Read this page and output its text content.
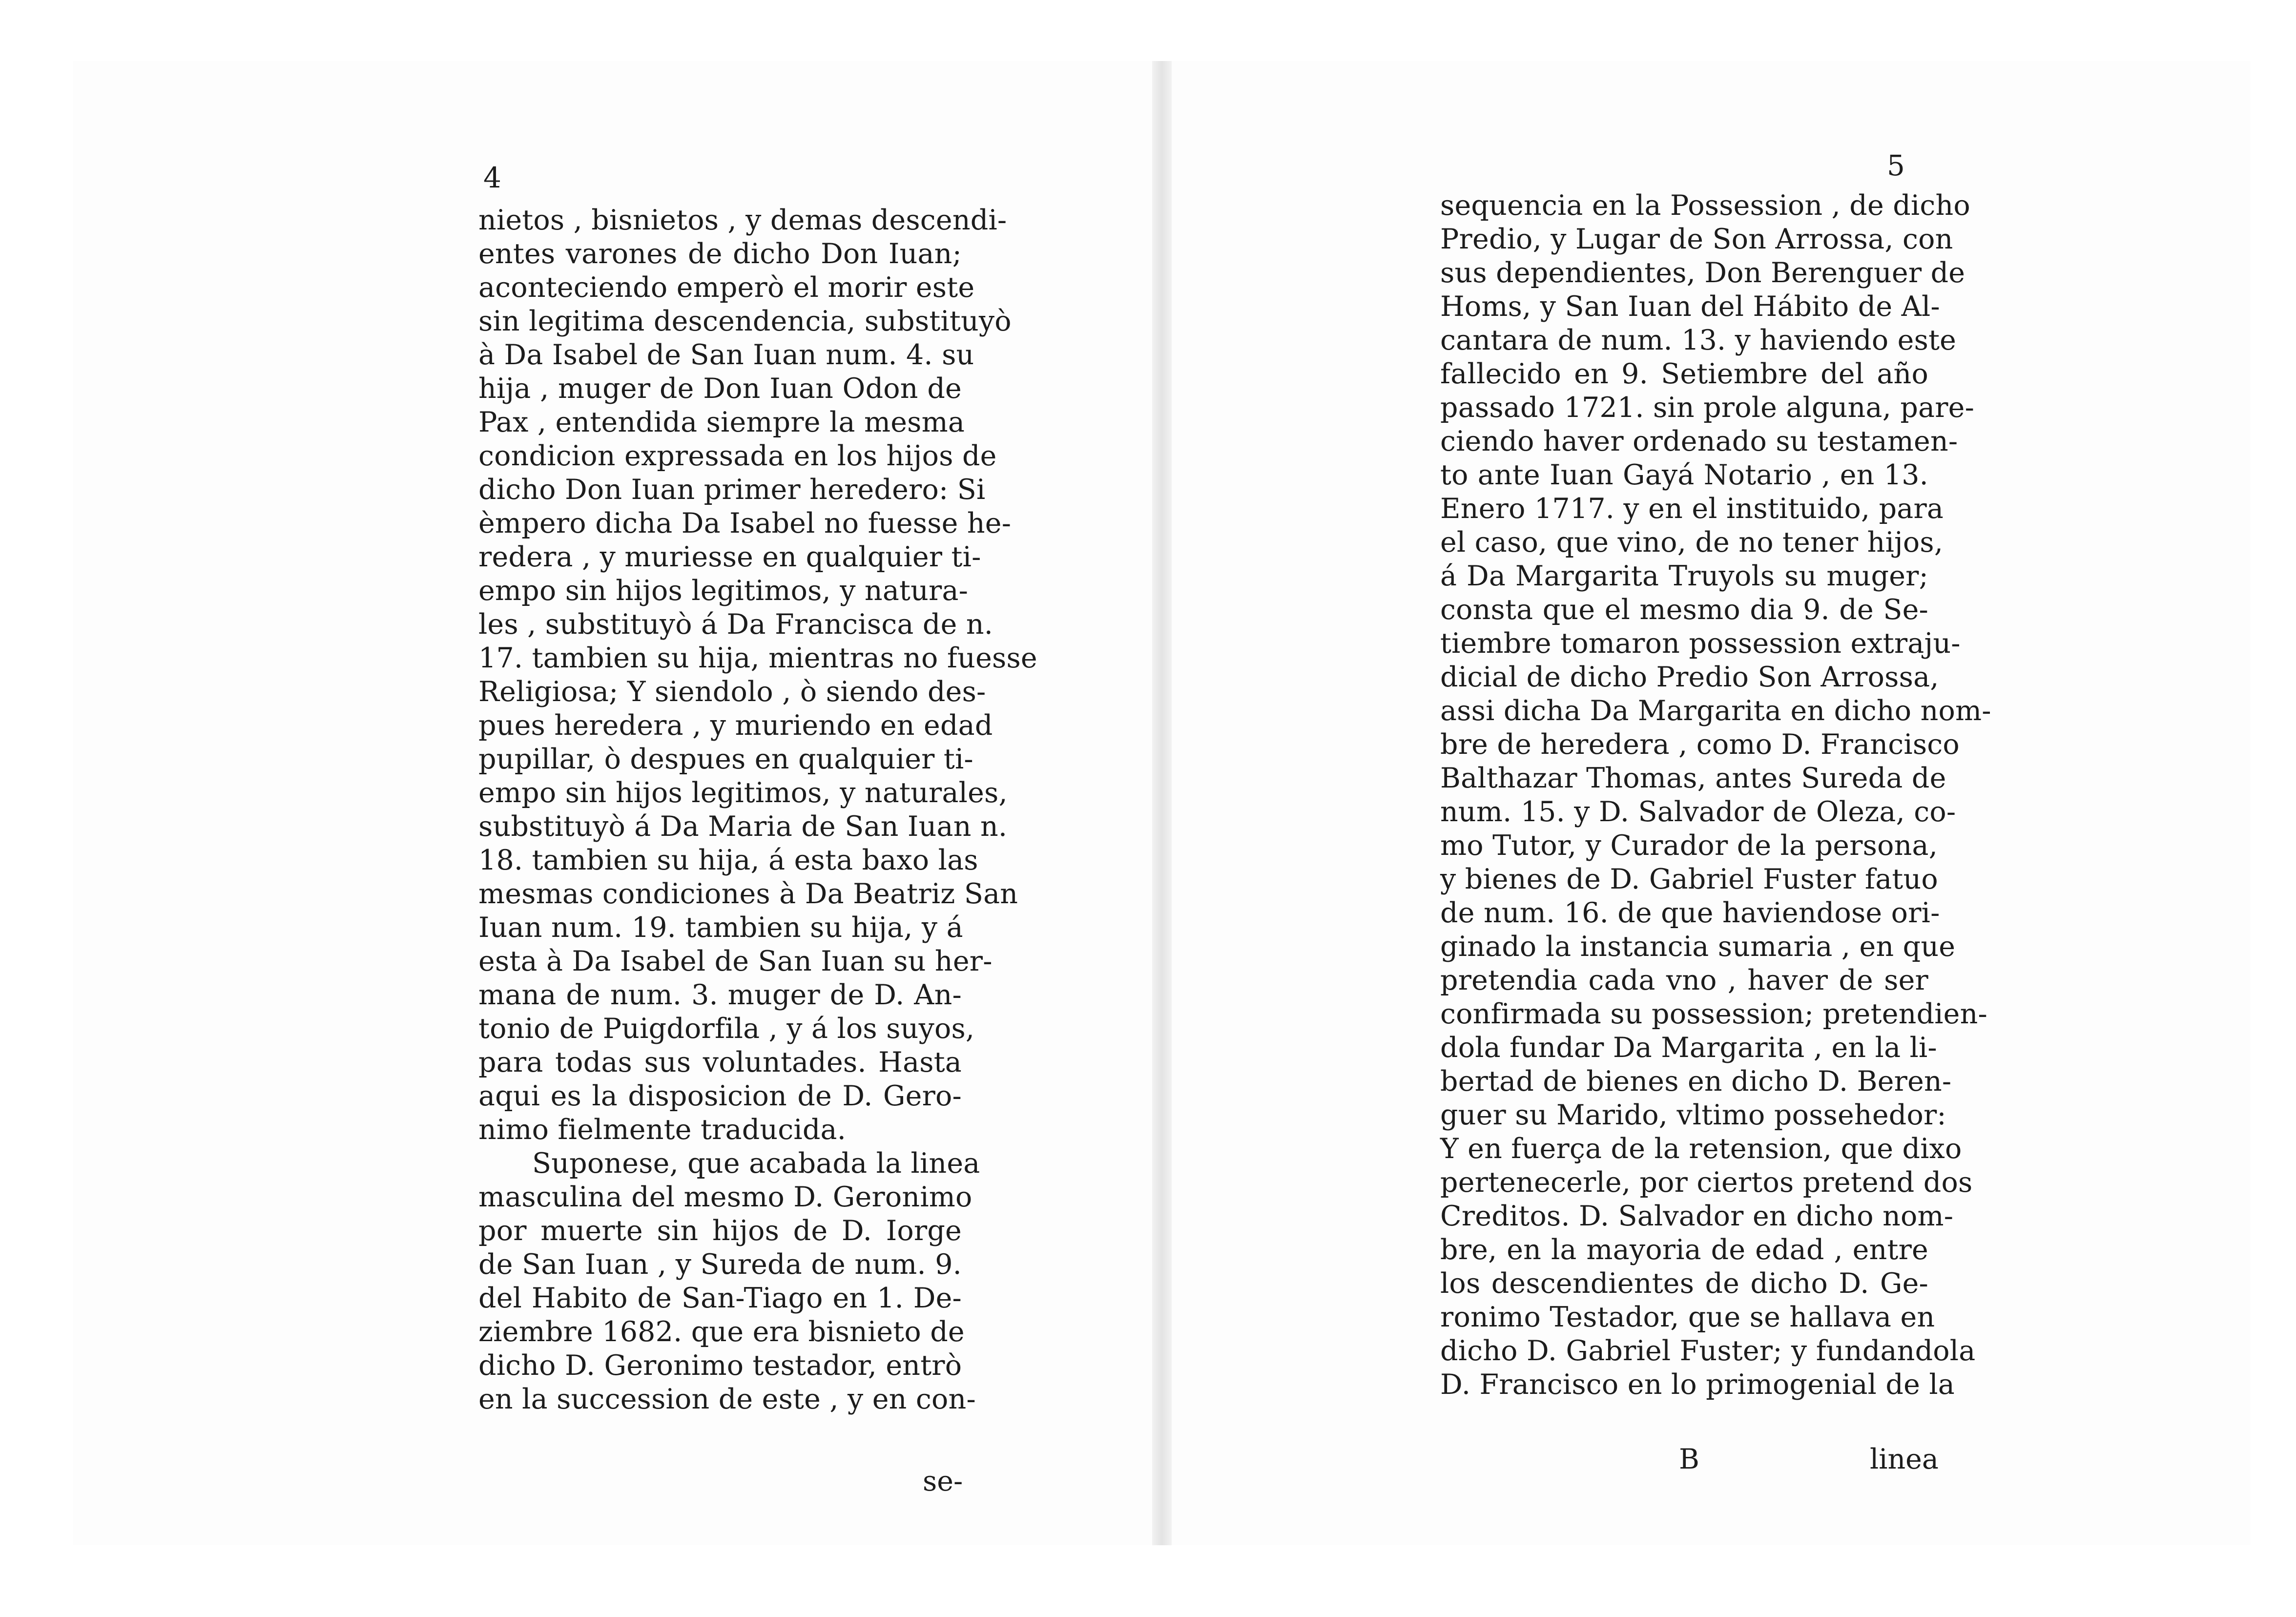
4
nietos , bisnietos , y demas descendi-
entes varones de dicho Don Iuan;
aconteciendo emperò el morir este
sin legitima descendencia, substituyò
à Da Isabel de San Iuan num. 4. su
hija , muger de Don Iuan Odon de
Pax , entendida siempre la mesma
condicion expressada en los hijos de
dicho Don Iuan primer heredero: Si
èmpero dicha Da Isabel no fuesse he-
redera , y muriesse en qualquier ti-
empo sin hijos legitimos, y natura-
les , substituyò á Da Francisca de n.
17. tambien su hija, mientras no fuesse
Religiosa; Y siendolo , ò siendo des-
pues heredera , y muriendo en edad
pupillar, ò despues en qualquier ti-
empo sin hijos legitimos, y naturales,
substituyò á Da Maria de San Iuan n.
18. tambien su hija, á esta baxo las
mesmas condiciones à Da Beatriz San
Iuan num. 19. tambien su hija, y á
esta à Da Isabel de San Iuan su her-
mana de num. 3. muger de D. An-
tonio de Puigdorfila , y á los suyos,
para todas sus voluntades. Hasta
aqui es la disposicion de D. Gero-
nimo fielmente traducida.
Suponese, que acabada la linea
masculina del mesmo D. Geronimo
por muerte sin hijos de D. Iorge
de San Iuan , y Sureda de num. 9.
del Habito de San-Tiago en 1. De-
ziembre 1682. que era bisnieto de
dicho D. Geronimo testador, entrò
en la succession de este , y en con-
se-
5
sequencia en la Possession , de dicho
Predio, y Lugar de Son Arrossa, con
sus dependientes, Don Berenguer de
Homs, y San Iuan del Hábito de Al-
cantara de num. 13. y haviendo este
fallecido en 9. Setiembre del año
passado 1721. sin prole alguna, pare-
ciendo haver ordenado su testamen-
to ante Iuan Gayá Notario , en 13.
Enero 1717. y en el instituido, para
el caso, que vino, de no tener hijos,
á Da Margarita Truyols su muger;
consta que el mesmo dia 9. de Se-
tiembre tomaron possession extraju-
dicial de dicho Predio Son Arrossa,
assi dicha Da Margarita en dicho nom-
bre de heredera , como D. Francisco
Balthazar Thomas, antes Sureda de
num. 15. y D. Salvador de Oleza, co-
mo Tutor, y Curador de la persona,
y bienes de D. Gabriel Fuster fatuo
de num. 16. de que haviendose ori-
ginado la instancia sumaria , en que
pretendia cada vno , haver de ser
confirmada su possession; pretendien-
dola fundar Da Margarita , en la li-
bertad de bienes en dicho D. Beren-
guer su Marido, vltimo possehedor:
Y en fuerça de la retension, que dixo
pertenecerle, por ciertos pretend dos
Creditos. D. Salvador en dicho nom-
bre, en la mayoria de edad , entre
los descendientes de dicho D. Ge-
ronimo Testador, que se hallava en
dicho D. Gabriel Fuster; y fundandola
D. Francisco en lo primogenial de la
B	linea
